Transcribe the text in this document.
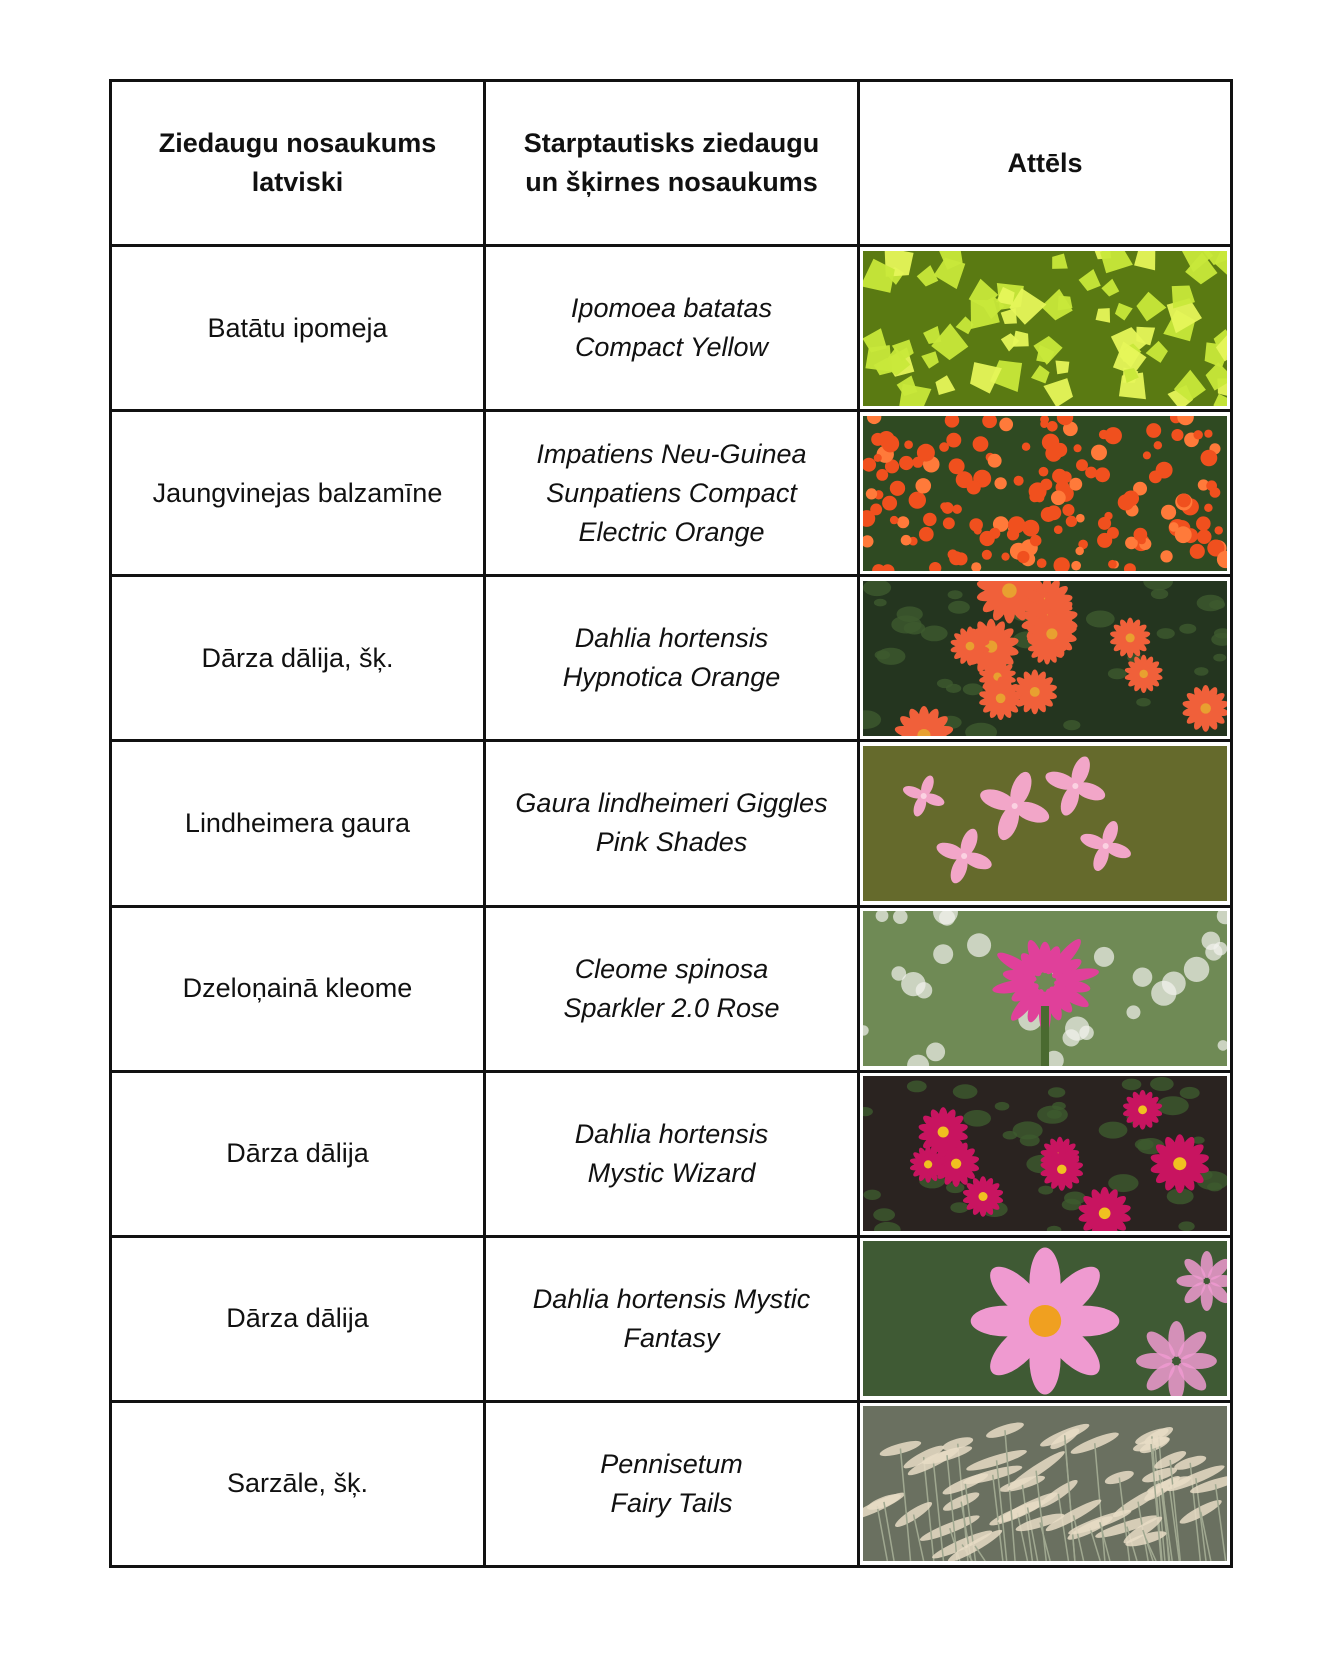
Ziedaugu nosaukums latviski	Starptautisks ziedaugu un šķirnes nosaukums	Attēls
Batātu ipomeja	Ipomoea batatas
Compact Yellow

Jaungvinejas balzamīne	Impatiens Neu-Guinea
Sunpatiens Compact
Electric Orange

Dārza dālija, šķ.	Dahlia hortensis
Hypnotica Orange

Lindheimera gaura	Gaura lindheimeri Giggles
Pink Shades

Dzeloņainā kleome	Cleome spinosa
Sparkler 2.0 Rose

Dārza dālija	Dahlia hortensis
Mystic Wizard

Dārza dālija	Dahlia hortensis Mystic
Fantasy

Sarzāle, šķ.	Pennisetum
Fairy Tails
